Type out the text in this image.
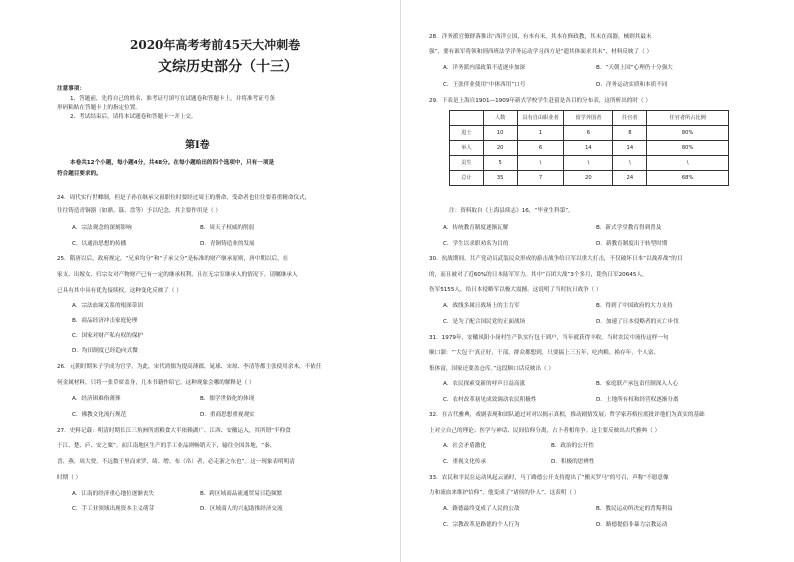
2020年高考考前45天大冲刺卷
文综历史部分（十三）
注意事项：
1、答题前，先将自己的姓名、准考证号填写在试题卷和答题卡上，并将准考证号条
形码粘贴在答题卡上的指定位置。
2、考试结束后，请将本试题卷和答题卡一并上交。
第Ⅰ卷
本卷共12个小题，每小题4分，共48分。在每小题给出的四个选项中，只有一项是
符合题目要求的。
24．周代实行世卿制，但是子孙在继承父祖职位时要经过周王的册命，受命者也往往要着重精命仪式，
往往铸造青铜器（如鼎、簋、盘等）予以纪念，其主要作用是（ ）
A．宗法观念的深刻影响	B．周天子权威的削弱
C．以通治思想的传播	D．青铜铸造业的发展
25．隋唐以后，政府规定，“兄弟均分”和“子承父分”是标准的财产继承原则，唐中期以后，在
家支、出嫁女、归宗女对产物财产已有一定的继承权利，且在无宗室继承人的情况下，请嘱继承人
已具有其中具有优先接续权，这种变化反映了（ ）
A．宗法血缘关系的根深蒂固
B．商品经济冲击家庭伦理
C．国家对财产私有权的保护
D．均田制度已经趋向式微
26．元朝时期朱子学成为官学，为此，宋代鸿儒为提高薄郡，晁球、宋琼、李清等都主张使用余木，不依任
何金属材料，只将一张草席盖身，几本书籍作陪它，这种现象会哪的解释是（ ）
A．经济困难俗薄葬	B．儒学世俗化的体现
C．佛教文化流行规范	D．重商思想重视观实
27．史料记载：明清时期长江三角洲所需粮食大半依赖湖广、江西、安徽运入，其所谓“半仰食
于江、楚、庐、安之粟”。而江南地区生产的手工业品则畅销天下，输往全国各地，“秦、
晋、燕、周大贾，不远数千里而来罗、绮、缯、布（帛）者，必走浙之东也”。这一现象表明明清
时期（ ）
A．江南的经济重心地位逐渐丧失	B．跨区域商品流通贸易日趋频繁
C．手工业领域出现资本主义萌芽	D．区域商人的兴起助推经济交流
28．洋务派官僚群落推出“西洋立国，有本有末，其本在修政教，其末在商器，械则其最末
强”，要有谁军将领和到西班法学洋务运动学习西方是“遗其体面求其末”，材料反映了（ ）
A．洋务派内部政策不适逐步加深	B．“天朝上国”心理仍十分强大
C．王张伴业使用“中体西用”口号	D．洋务运动实质和本质不同
29．下表是上海自1901—1909年新式学校学生赴留是各目的分布表，这所析出的时（ ）
	人数	具有自由职业者	留学外国者	任官者	任官者所占比例
进士	10	1	6	8	80%
举人	20	6	14	14	80%
贡生	5	\	\	\	\
总计	35	7	20	24	68%
注：资料取自《上海县续志》16，“毕业生科第”。
A．传统教育制度逐渐瓦解	B．新式学堂教育得到普及
C．学生以求职劝名为目的	D．新教育制度出于转型时期
30．抗战期间，共产党动员武装民众形成的游击战争给日军以重大打击，不仅破坏日本“以战养战”的目
的，而且被对了近60%的日本陆军军力。其中“百团大战”3个多月，毙伤日军20645人，
伤军5155人，给日本侵略军以极大震撼。这说明了当时抗日战争（ ）
A．战线多属日战场上的主力军	B．得到了中国政府的大力支持
C．是为了配合国民党的正面战场	D．加速了日本侵略者的灭亡步伐
31．1979年，安徽凤阳小岗村生产队实行包干到户，当年就获得丰收。当时农民中流传这样一句
顺口溜：“‘大包干’真正好，干部，群众都想到，只要搞上三五年，吃肉粮、换存年，个人富、
集体富，国家还要盖仓库。”这段顺口话反映出（ ）
A．农民探索变新的呼声日益高涨	B．家庭联产承包责任制深入人心
C．农村改革初见成效调动农民积极性	D．土地所有权和经营权逐渐分离
32．在古代雅典，戏剧表现和团队通过对对以揭示真相，推动剧情发展；哲学家苏格拉底批评他们为真实的基础
上对立自己的理论；医学与神话、民间信仰分离，占卜者相角争。这主要反映出古代雅典（ ）
A．社会矛盾激化	B．政治的公开性
C．重视文化传承	D．积极的思辨性
33．农民和平民在运动风起云涌时，马丁路德公开支持提出了“搬灭罗马”的号召，声称“不愿意像
力和流血来维护信仰”，他变成了“诸侯的仆人”。这表明（ ）
A．路德最终变成了人民的公敌	B．教民运动所决定的背叛利益
C．宗教改革是路德的个人行为	D．路德提倡非暴力宗教运动
